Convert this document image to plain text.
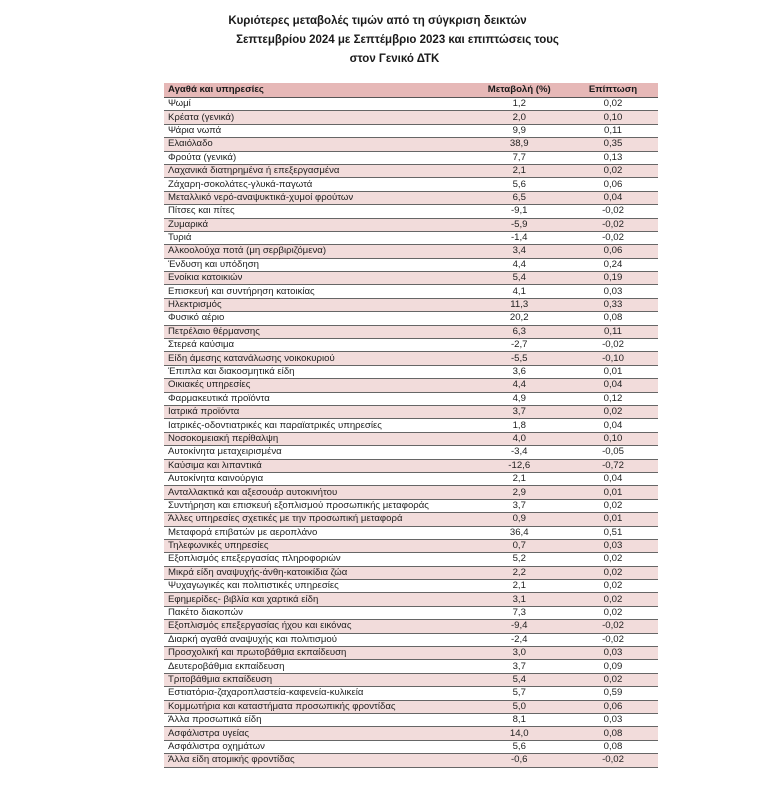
Κυριότερες μεταβολές τιμών από τη σύγκριση δεικτών
Σεπτεμβρίου 2024 με Σεπτέμβριο 2023 και επιπτώσεις τους
στον Γενικό ΔΤΚ
Αγαθά και υπηρεσίες	Μεταβολή (%)	Επίπτωση
Ψωμί	1,2	0,02
Κρέατα (γενικά)	2,0	0,10
Ψάρια νωπά	9,9	0,11
Ελαιόλαδο	38,9	0,35
Φρούτα (γενικά)	7,7	0,13
Λαχανικά διατηρημένα ή επεξεργασμένα	2,1	0,02
Ζάχαρη-σοκολάτες-γλυκά-παγωτά	5,6	0,06
Μεταλλικό νερό-αναψυκτικά-χυμοί φρούτων	6,5	0,04
Πίτσες και πίτες	-9,1	-0,02
Ζυμαρικά	-5,9	-0,02
Τυριά	-1,4	-0,02
Αλκοολούχα ποτά (μη σερβιριζόμενα)	3,4	0,06
Ένδυση και υπόδηση	4,4	0,24
Ενοίκια κατοικιών	5,4	0,19
Επισκευή και συντήρηση κατοικίας	4,1	0,03
Ηλεκτρισμός	11,3	0,33
Φυσικό αέριο	20,2	0,08
Πετρέλαιο θέρμανσης	6,3	0,11
Στερεά καύσιμα	-2,7	-0,02
Είδη άμεσης κατανάλωσης νοικοκυριού	-5,5	-0,10
Έπιπλα και διακοσμητικά είδη	3,6	0,01
Οικιακές υπηρεσίες	4,4	0,04
Φαρμακευτικά προϊόντα	4,9	0,12
Ιατρικά προϊόντα	3,7	0,02
Ιατρικές-οδοντιατρικές και παραϊατρικές υπηρεσίες	1,8	0,04
Νοσοκομειακή περίθαλψη	4,0	0,10
Αυτοκίνητα μεταχειρισμένα	-3,4	-0,05
Καύσιμα και λιπαντικά	-12,6	-0,72
Αυτοκίνητα καινούργια	2,1	0,04
Ανταλλακτικά και αξεσουάρ αυτοκινήτου	2,9	0,01
Συντήρηση και επισκευή εξοπλισμού προσωπικής μεταφοράς	3,7	0,02
Άλλες υπηρεσίες σχετικές με την προσωπική μεταφορά	0,9	0,01
Μεταφορά επιβατών με αεροπλάνο	36,4	0,51
Τηλεφωνικές υπηρεσίες	0,7	0,03
Εξοπλισμός επεξεργασίας πληροφοριών	5,2	0,02
Μικρά είδη αναψυχής-άνθη-κατοικίδια ζώα	2,2	0,02
Ψυχαγωγικές και πολιτιστικές υπηρεσίες	2,1	0,02
Εφημερίδες- βιβλία και χαρτικά είδη	3,1	0,02
Πακέτο διακοπών	7,3	0,02
Εξοπλισμός επεξεργασίας ήχου και εικόνας	-9,4	-0,02
Διαρκή αγαθά αναψυχής και πολιτισμού	-2,4	-0,02
Προσχολική και πρωτοβάθμια εκπαίδευση	3,0	0,03
Δευτεροβάθμια εκπαίδευση	3,7	0,09
Τριτοβάθμια εκπαίδευση	5,4	0,02
Εστιατόρια-ζαχαροπλαστεία-καφενεία-κυλικεία	5,7	0,59
Κομμωτήρια και καταστήματα προσωπικής φροντίδας	5,0	0,06
Άλλα προσωπικά είδη	8,1	0,03
Ασφάλιστρα υγείας	14,0	0,08
Ασφάλιστρα οχημάτων	5,6	0,08
Άλλα είδη ατομικής φροντίδας	-0,6	-0,02
